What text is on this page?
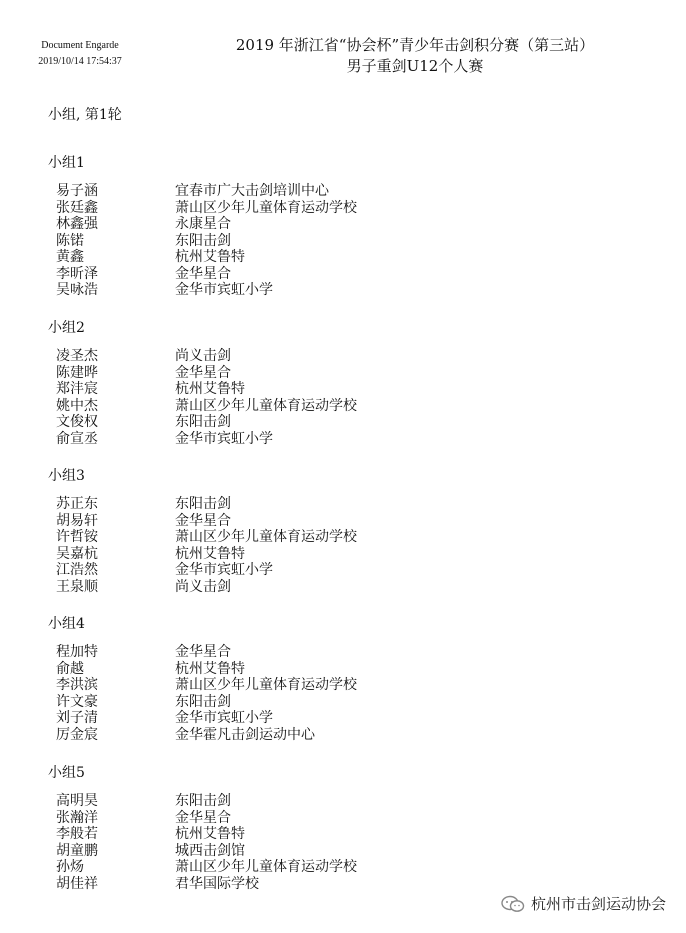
Document Engarde
2019/10/14 17:54:37
2019 年浙江省“协会杯”青少年击剑积分赛（第三站）
男子重剑U12个人赛
小组, 第1轮
小组1
易子涵	宜春市广大击剑培训中心
张廷鑫	萧山区少年儿童体育运动学校
林鑫强	永康星合
陈锘	东阳击剑
黄鑫	杭州艾鲁特
李昕泽	金华星合
吴咏浩	金华市宾虹小学
小组2
凌圣杰	尚义击剑
陈建晔	金华星合
郑沣宸	杭州艾鲁特
姚中杰	萧山区少年儿童体育运动学校
文俊权	东阳击剑
俞宣丞	金华市宾虹小学
小组3
苏正东	东阳击剑
胡易轩	金华星合
许哲铵	萧山区少年儿童体育运动学校
吴嘉杭	杭州艾鲁特
江浩然	金华市宾虹小学
王泉顺	尚义击剑
小组4
程加特	金华星合
俞越	杭州艾鲁特
李洪滨	萧山区少年儿童体育运动学校
许文豪	东阳击剑
刘子清	金华市宾虹小学
厉金宸	金华霍凡击剑运动中心
小组5
高明昊	东阳击剑
张瀚洋	金华星合
李般若	杭州艾鲁特
胡童鹏	城西击剑馆
孙炀	萧山区少年儿童体育运动学校
胡佳祥	君华国际学校
杭州市击剑运动协会
